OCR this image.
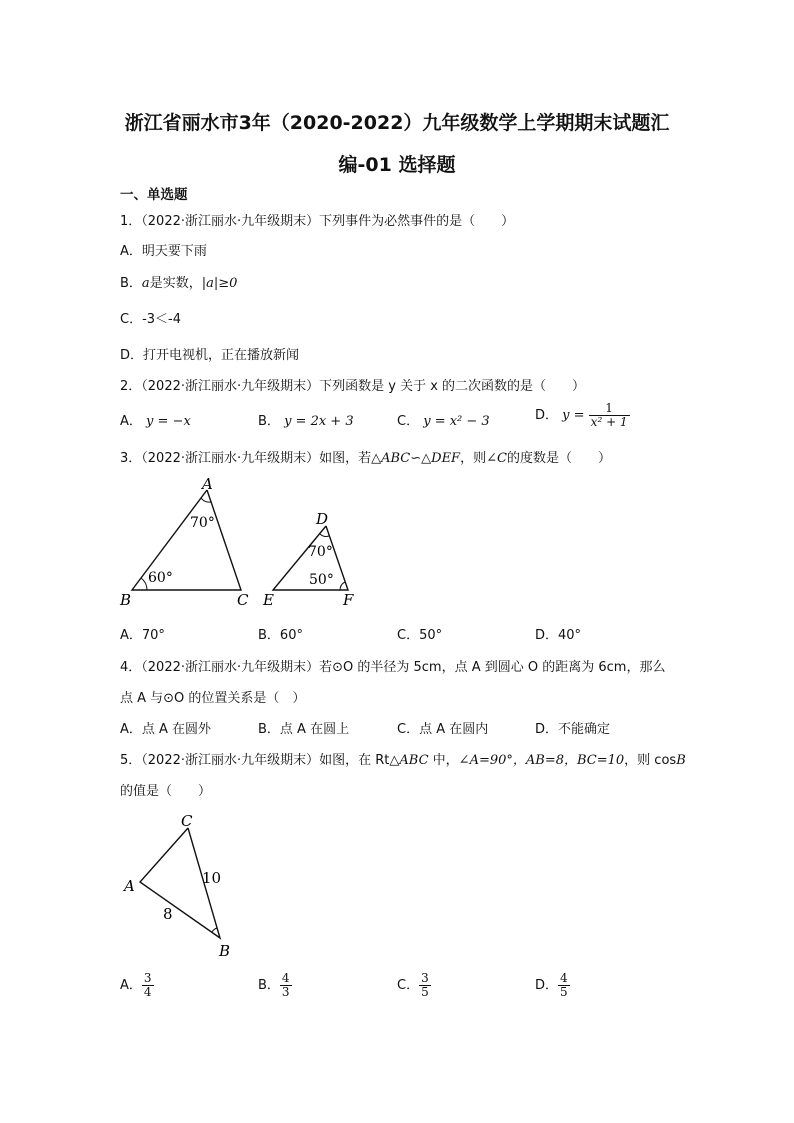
浙江省丽水市3年（2020-2022）九年级数学上学期期末试题汇
编-01 选择题
一、单选题
1．（2022·浙江丽水·九年级期末）下列事件为必然事件的是（　　）
A．明天要下雨
B．a是实数，|a|≥0
C．-3＜-4
D．打开电视机，正在播放新闻
2．（2022·浙江丽水·九年级期末）下列函数是 y 关于 x 的二次函数的是（　　）
A． y = −x	B． y = 2x + 3	C． y = x² − 3	D． $y = \frac{1}{\text{x² + 1}}$
3．（2022·浙江丽水·九年级期末）如图，若△ABC∽△DEF，则∠C的度数是（　　）
A
B	C
70°
60°
D
E	F
70°
50°
A．70°	B．60°	C．50°	D．40°
4．（2022·浙江丽水·九年级期末）若⊙O 的半径为 5cm，点 A 到圆心 O 的距离为 6cm，那么
点 A 与⊙O 的位置关系是（　）
A．点 A 在圆外	B．点 A 在圆上	C．点 A 在圆内	D．不能确定
5．（2022·浙江丽水·九年级期末）如图，在 Rt△ABC 中，∠A=90°，AB=8，BC=10，则 cosB
的值是（　　）
C
A
B
10
8
A． $\frac{3}{4}$	B． $\frac{4}{3}$	C． $\frac{3}{5}$	D． $\frac{4}{5}$
